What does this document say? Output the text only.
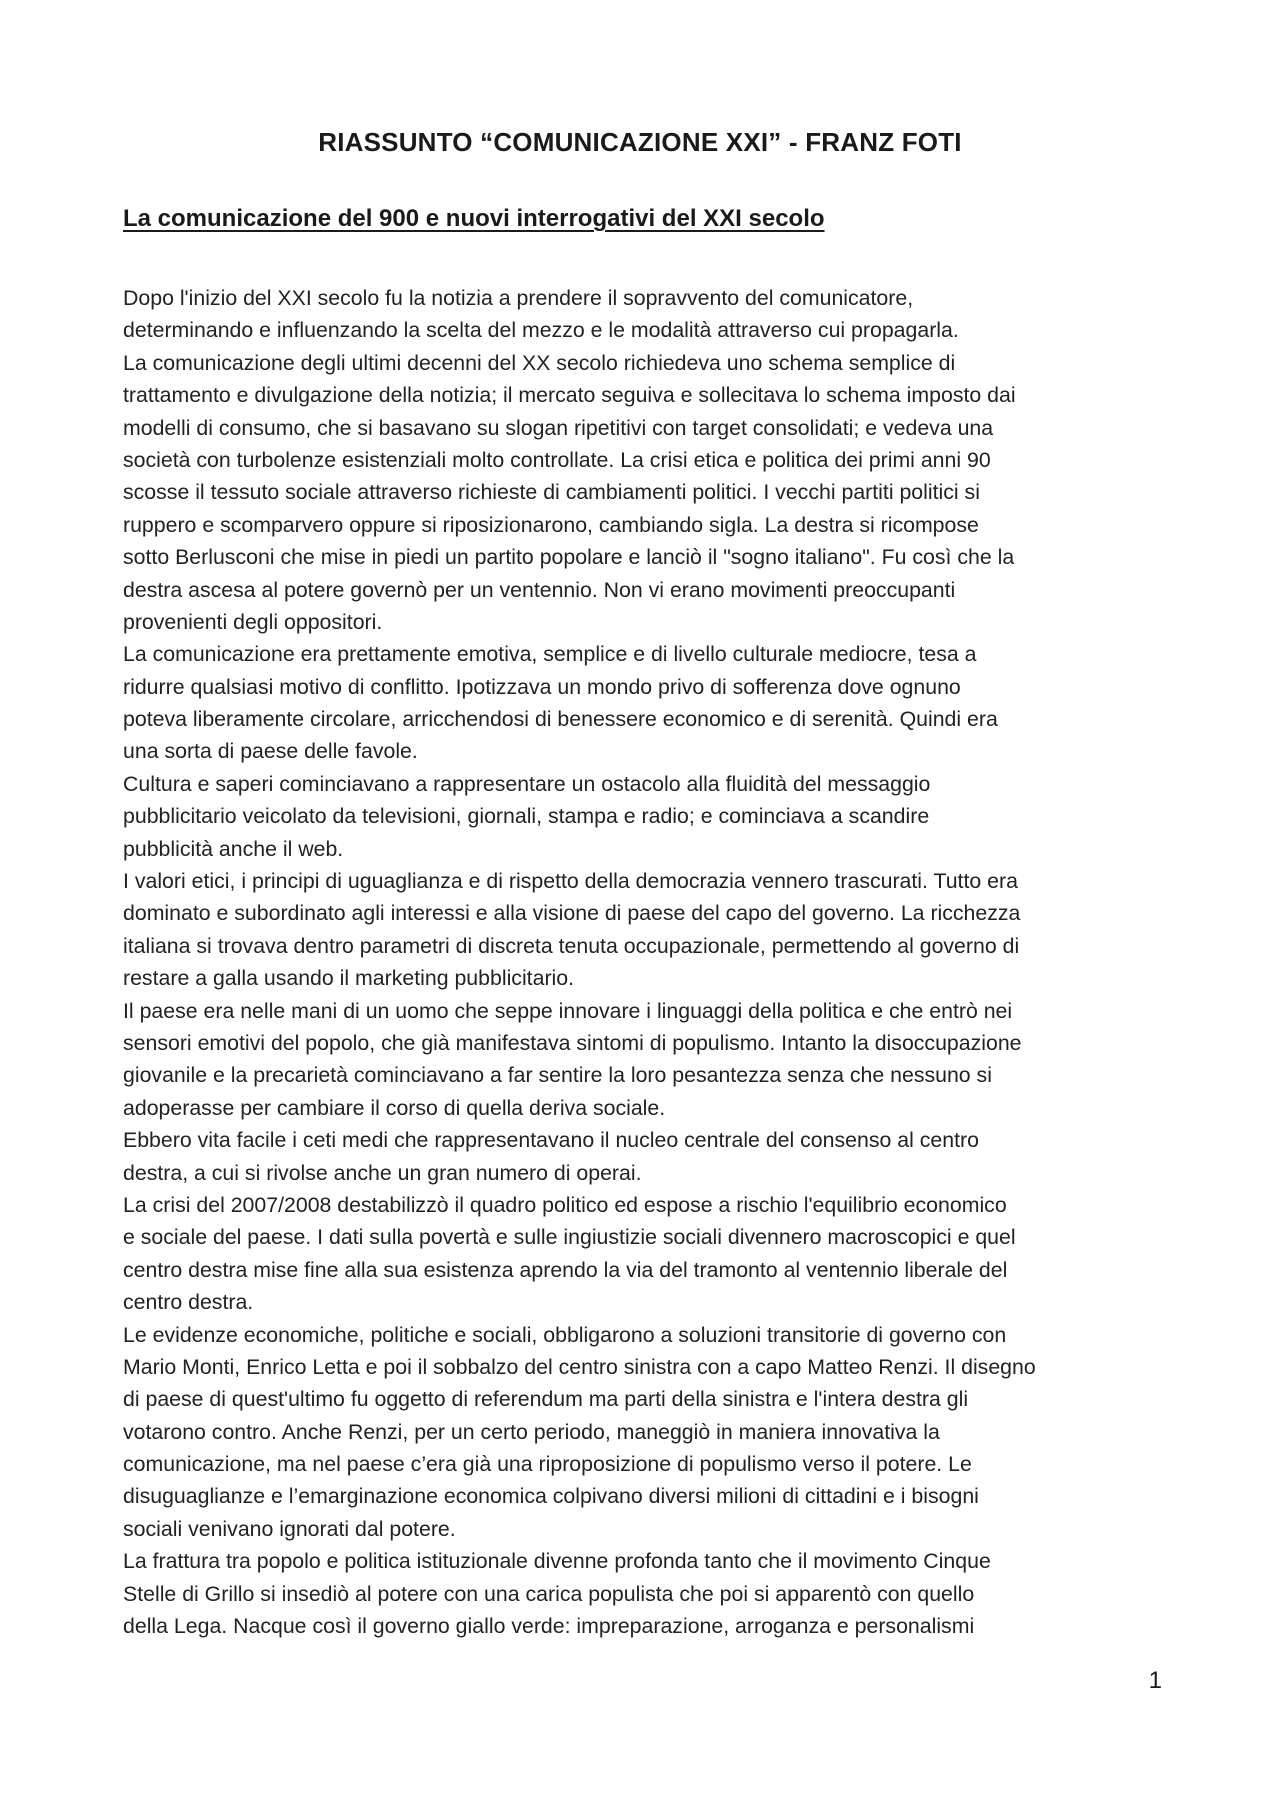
RIASSUNTO “COMUNICAZIONE XXI” - FRANZ FOTI
La comunicazione del 900 e nuovi interrogativi del XXI secolo
Dopo l'inizio del XXI secolo fu la notizia a prendere il sopravvento del comunicatore,
determinando e influenzando la scelta del mezzo e le modalità attraverso cui propagarla.
La comunicazione degli ultimi decenni del XX secolo richiedeva uno schema semplice di
trattamento e divulgazione della notizia; il mercato seguiva e sollecitava lo schema imposto dai
modelli di consumo, che si basavano su slogan ripetitivi con target consolidati; e vedeva una
società con turbolenze esistenziali molto controllate. La crisi etica e politica dei primi anni 90
scosse il tessuto sociale attraverso richieste di cambiamenti politici. I vecchi partiti politici si
ruppero e scomparvero oppure si riposizionarono, cambiando sigla. La destra si ricompose
sotto Berlusconi che mise in piedi un partito popolare e lanciò il "sogno italiano". Fu così che la
destra ascesa al potere governò per un ventennio. Non vi erano movimenti preoccupanti
provenienti degli oppositori.
La comunicazione era prettamente emotiva, semplice e di livello culturale mediocre, tesa a
ridurre qualsiasi motivo di conflitto. Ipotizzava un mondo privo di sofferenza dove ognuno
poteva liberamente circolare, arricchendosi di benessere economico e di serenità. Quindi era
una sorta di paese delle favole.
Cultura e saperi cominciavano a rappresentare un ostacolo alla fluidità del messaggio
pubblicitario veicolato da televisioni, giornali, stampa e radio; e cominciava a scandire
pubblicità anche il web.
I valori etici, i principi di uguaglianza e di rispetto della democrazia vennero trascurati. Tutto era
dominato e subordinato agli interessi e alla visione di paese del capo del governo. La ricchezza
italiana si trovava dentro parametri di discreta tenuta occupazionale, permettendo al governo di
restare a galla usando il marketing pubblicitario.
Il paese era nelle mani di un uomo che seppe innovare i linguaggi della politica e che entrò nei
sensori emotivi del popolo, che già manifestava sintomi di populismo. Intanto la disoccupazione
giovanile e la precarietà cominciavano a far sentire la loro pesantezza senza che nessuno si
adoperasse per cambiare il corso di quella deriva sociale.
Ebbero vita facile i ceti medi che rappresentavano il nucleo centrale del consenso al centro
destra, a cui si rivolse anche un gran numero di operai.
La crisi del 2007/2008 destabilizzò il quadro politico ed espose a rischio l'equilibrio economico
e sociale del paese. I dati sulla povertà e sulle ingiustizie sociali divennero macroscopici e quel
centro destra mise fine alla sua esistenza aprendo la via del tramonto al ventennio liberale del
centro destra.
Le evidenze economiche, politiche e sociali, obbligarono a soluzioni transitorie di governo con
Mario Monti, Enrico Letta e poi il sobbalzo del centro sinistra con a capo Matteo Renzi. Il disegno
di paese di quest'ultimo fu oggetto di referendum ma parti della sinistra e l'intera destra gli
votarono contro. Anche Renzi, per un certo periodo, maneggiò in maniera innovativa la
comunicazione, ma nel paese c’era già una riproposizione di populismo verso il potere. Le
disuguaglianze e l’emarginazione economica colpivano diversi milioni di cittadini e i bisogni
sociali venivano ignorati dal potere.
La frattura tra popolo e politica istituzionale divenne profonda tanto che il movimento Cinque
Stelle di Grillo si insediò al potere con una carica populista che poi si apparentò con quello
della Lega. Nacque così il governo giallo verde: impreparazione, arroganza e personalismi
1
